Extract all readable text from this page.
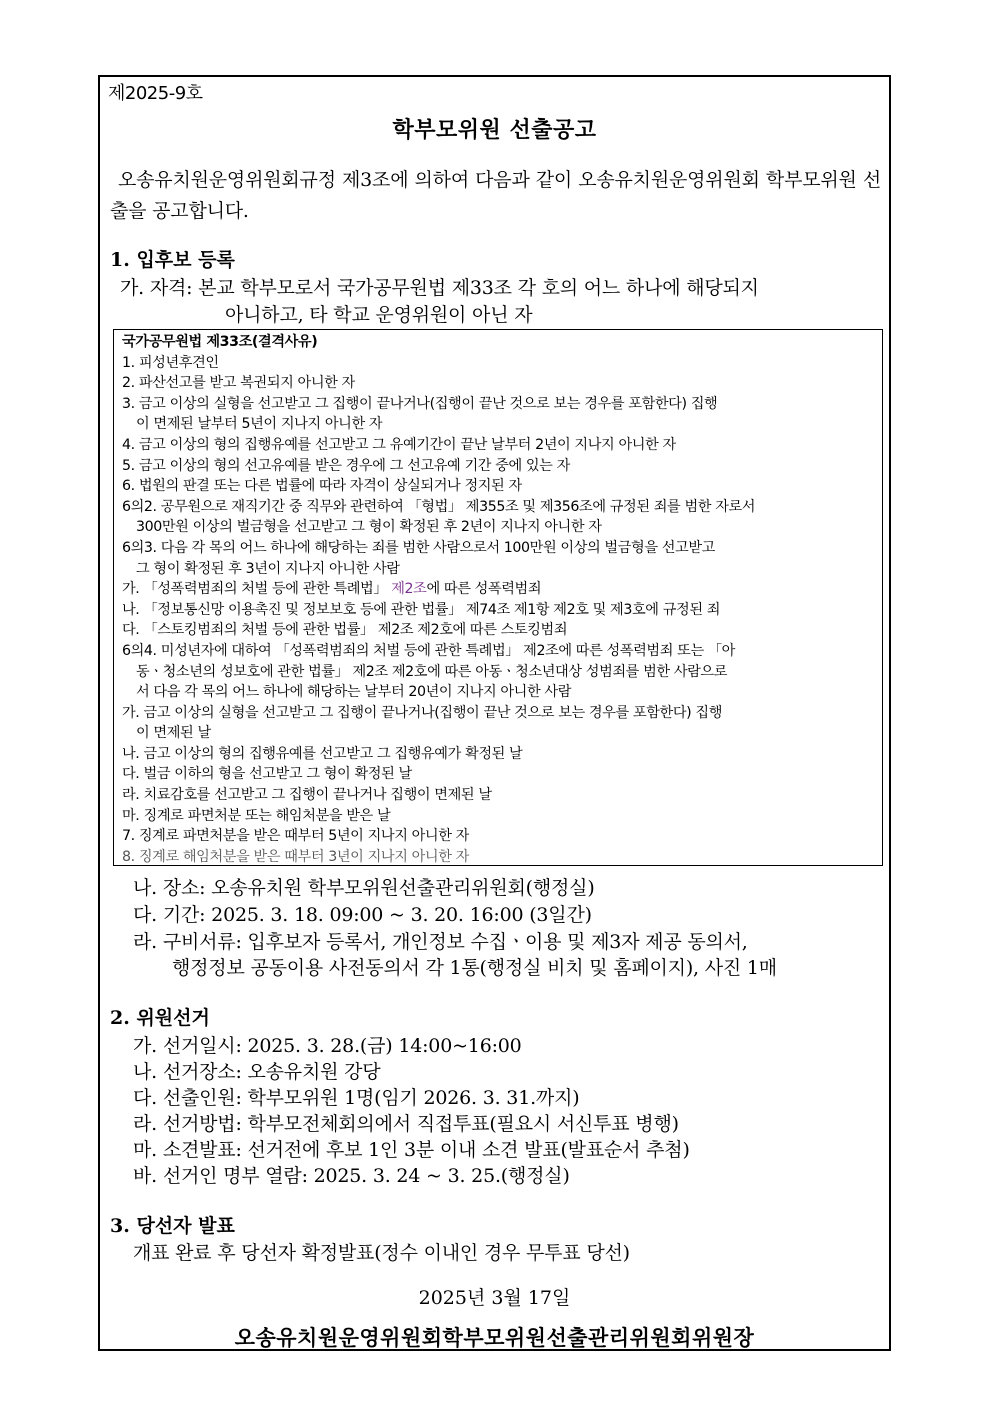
제2025-9호
학부모위원 선출공고
오송유치원운영위원회규정 제3조에 의하여 다음과 같이 오송유치원운영위원회 학부모위원 선출을 공고합니다.
1. 입후보 등록
가. 자격: 본교 학부모로서 국가공무원법 제33조 각 호의 어느 하나에 해당되지
아니하고, 타 학교 운영위원이 아닌 자
국가공무원법 제33조(결격사유)
1. 피성년후견인
2. 파산선고를 받고 복권되지 아니한 자
3. 금고 이상의 실형을 선고받고 그 집행이 끝나거나(집행이 끝난 것으로 보는 경우를 포함한다) 집행
이 면제된 날부터 5년이 지나지 아니한 자
4. 금고 이상의 형의 집행유예를 선고받고 그 유예기간이 끝난 날부터 2년이 지나지 아니한 자
5. 금고 이상의 형의 선고유예를 받은 경우에 그 선고유예 기간 중에 있는 자
6. 법원의 판결 또는 다른 법률에 따라 자격이 상실되거나 정지된 자
6의2. 공무원으로 재직기간 중 직무와 관련하여 「형법」 제355조 및 제356조에 규정된 죄를 범한 자로서
300만원 이상의 벌금형을 선고받고 그 형이 확정된 후 2년이 지나지 아니한 자
6의3. 다음 각 목의 어느 하나에 해당하는 죄를 범한 사람으로서 100만원 이상의 벌금형을 선고받고
그 형이 확정된 후 3년이 지나지 아니한 사람
가. 「성폭력범죄의 처벌 등에 관한 특례법」 제2조에 따른 성폭력범죄
나. 「정보통신망 이용촉진 및 정보보호 등에 관한 법률」 제74조 제1항 제2호 및 제3호에 규정된 죄
다. 「스토킹범죄의 처벌 등에 관한 법률」 제2조 제2호에 따른 스토킹범죄
6의4. 미성년자에 대하여 「성폭력범죄의 처벌 등에 관한 특례법」 제2조에 따른 성폭력범죄 또는 「아
동ㆍ청소년의 성보호에 관한 법률」 제2조 제2호에 따른 아동ㆍ청소년대상 성범죄를 범한 사람으로
서 다음 각 목의 어느 하나에 해당하는 날부터 20년이 지나지 아니한 사람
가. 금고 이상의 실형을 선고받고 그 집행이 끝나거나(집행이 끝난 것으로 보는 경우를 포함한다) 집행
이 면제된 날
나. 금고 이상의 형의 집행유예를 선고받고 그 집행유예가 확정된 날
다. 벌금 이하의 형을 선고받고 그 형이 확정된 날
라. 치료감호를 선고받고 그 집행이 끝나거나 집행이 면제된 날
마. 징계로 파면처분 또는 해임처분을 받은 날
7. 징계로 파면처분을 받은 때부터 5년이 지나지 아니한 자
8. 징계로 해임처분을 받은 때부터 3년이 지나지 아니한 자
나. 장소: 오송유치원 학부모위원선출관리위원회(행정실)
다. 기간: 2025. 3. 18. 09:00 ~ 3. 20. 16:00 (3일간)
라. 구비서류: 입후보자 등록서, 개인정보 수집ㆍ이용 및 제3자 제공 동의서,
행정정보 공동이용 사전동의서 각 1통(행정실 비치 및 홈페이지), 사진 1매
2. 위원선거
가. 선거일시: 2025. 3. 28.(금) 14:00~16:00
나. 선거장소: 오송유치원 강당
다. 선출인원: 학부모위원 1명(임기 2026. 3. 31.까지)
라. 선거방법: 학부모전체회의에서 직접투표(필요시 서신투표 병행)
마. 소견발표: 선거전에 후보 1인 3분 이내 소견 발표(발표순서 추첨)
바. 선거인 명부 열람: 2025. 3. 24 ~ 3. 25.(행정실)
3. 당선자 발표
개표 완료 후 당선자 확정발표(정수 이내인 경우 무투표 당선)
2025년 3월 17일
오송유치원운영위원회학부모위원선출관리위원회위원장
